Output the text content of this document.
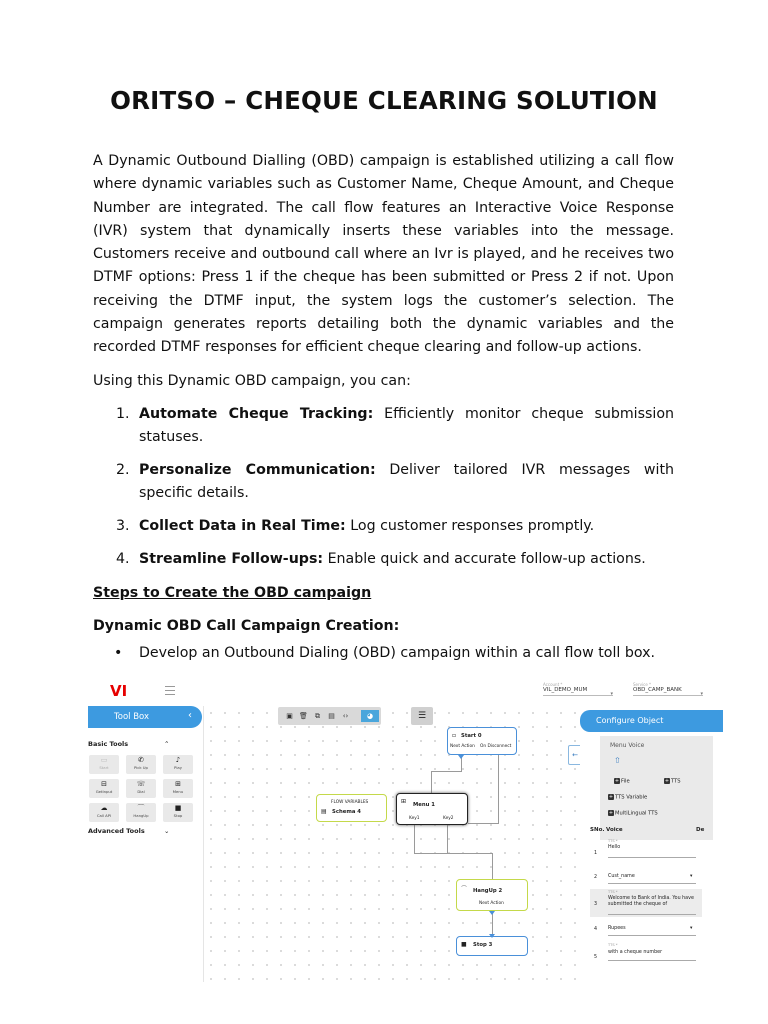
ORITSO – CHEQUE CLEARING SOLUTION

A Dynamic Outbound Dialling (OBD) campaign is established utilizing a call flow where dynamic variables such as Customer Name, Cheque Amount, and Cheque Number are integrated. The call flow features an Interactive Voice Response (IVR) system that dynamically inserts these variables into the message. Customers receive and outbound call where an Ivr is played, and he receives two DTMF options: Press 1 if the cheque has been submitted or Press 2 if not. Upon receiving the DTMF input, the system logs the customer’s selection. The campaign generates reports detailing both the dynamic variables and the recorded DTMF responses for efficient cheque clearing and follow-up actions.

Using this Dynamic OBD campaign, you can:

1. Automate Cheque Tracking: Efficiently monitor cheque submission statuses.
2. Personalize Communication: Deliver tailored IVR messages with specific details.
3. Collect Data in Real Time: Log customer responses promptly.
4. Streamline Follow-ups: Enable quick and accurate follow-up actions.
Steps to Create the OBD campaign
Dynamic OBD Call Campaign Creation:
• Develop an Outbound Dialing (OBD) campaign within a call flow toll box.
VI	Account *
VIL_DEMO_MUM
▾
Service *
OBD_CAMP_BANK
▾
Tool Box	‹
Basic Tools	⌃
▭
Start
✆
Pick Up
♪
Play
⊟
GetInput
☏
Dial
⊞
Menu
☁
Call API
⌒
HangUp
■
Stop
Advanced Tools	⌄
▣ 🗑	⧉	▤	‹›	◕	☰
←
▫ Start 0
Next Action On Disconnect
FLOW VARIABLES
▤ Schema 4
⊞ Menu 1
Key1	Key2
⌒ HangUp 2
Next Action
■ Stop 3
Configure Object
Menu Voice
⇧
+ File	+ TTS
+ TTS Variable
+ MultiLingual TTS
SNo. Voice	De
1
TTS *
Hello
2 Cust_name	▾
3
TTS *
Welcome to Bank of India. You have submitted the cheque of
4 Rupees	▾
5
TTS *
with a cheque number
